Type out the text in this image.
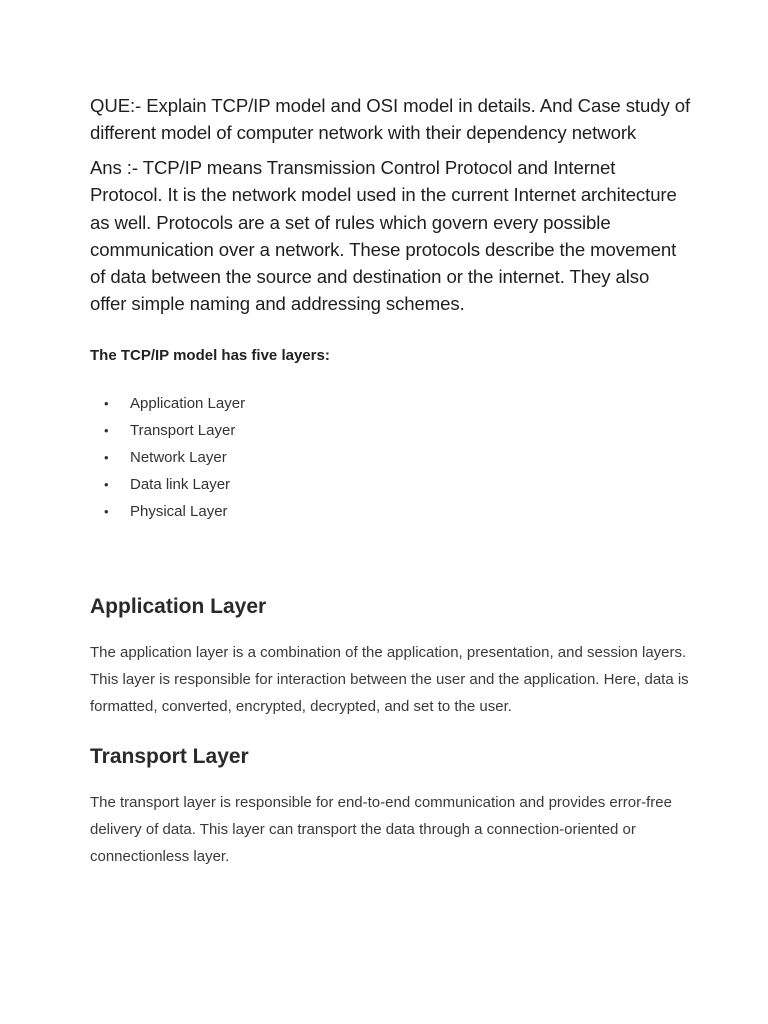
QUE:- Explain TCP/IP model and OSI model in details. And Case study of different model of computer network with their dependency network

Ans :- TCP/IP means Transmission Control Protocol and Internet Protocol. It is the network model used in the current Internet architecture as well. Protocols are a set of rules which govern every possible communication over a network. These protocols describe the movement of data between the source and destination or the internet. They also offer simple naming and addressing schemes.

The TCP/IP model has five layers:

• Application Layer
• Transport Layer
• Network Layer
• Data link Layer
• Physical Layer
Application Layer

The application layer is a combination of the application, presentation, and session layers. This layer is responsible for interaction between the user and the application. Here, data is formatted, converted, encrypted, decrypted, and set to the user.

Transport Layer

The transport layer is responsible for end-to-end communication and provides error-free delivery of data. This layer can transport the data through a connection-oriented or connectionless layer.
